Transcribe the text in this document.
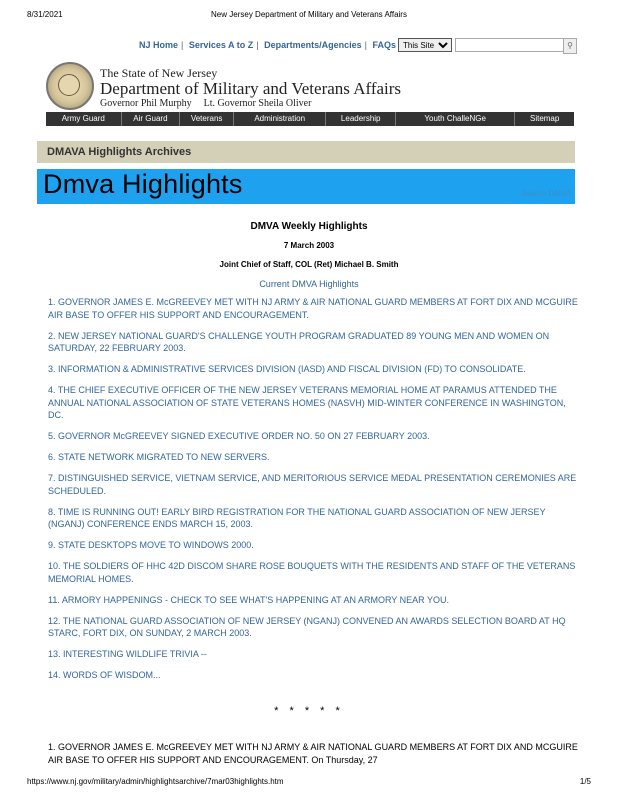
8/31/2021	New Jersey Department of Military and Veterans Affairs
NJ Home | Services A to Z | Departments/Agencies | FAQs
This Site	⚲
The State of New Jersey
Department of Military and Veterans Affairs
Governor Phil Murphy Lt. Governor Sheila Oliver
Army Guard	Air Guard	Veterans	Administration	Leadership	Youth ChalleNGe	Sitemap
DMAVA Highlights Archives
Dmva Highlights	Search DMVA
DMVA Weekly Highlights
7 March 2003
Joint Chief of Staff, COL (Ret) Michael B. Smith
Current DMVA Highlights
1. GOVERNOR JAMES E. McGREEVEY MET WITH NJ ARMY & AIR NATIONAL GUARD MEMBERS AT FORT DIX AND MCGUIRE AIR BASE TO OFFER HIS SUPPORT AND ENCOURAGEMENT.
2. NEW JERSEY NATIONAL GUARD'S CHALLENGE YOUTH PROGRAM GRADUATED 89 YOUNG MEN AND WOMEN ON SATURDAY, 22 FEBRUARY 2003.
3. INFORMATION & ADMINISTRATIVE SERVICES DIVISION (IASD) AND FISCAL DIVISION (FD) TO CONSOLIDATE.
4. THE CHIEF EXECUTIVE OFFICER OF THE NEW JERSEY VETERANS MEMORIAL HOME AT PARAMUS ATTENDED THE ANNUAL NATIONAL ASSOCIATION OF STATE VETERANS HOMES (NASVH) MID-WINTER CONFERENCE IN WASHINGTON, DC.
5. GOVERNOR McGREEVEY SIGNED EXECUTIVE ORDER NO. 50 ON 27 FEBRUARY 2003.
6. STATE NETWORK MIGRATED TO NEW SERVERS.
7. DISTINGUISHED SERVICE, VIETNAM SERVICE, AND MERITORIOUS SERVICE MEDAL PRESENTATION CEREMONIES ARE SCHEDULED.
8. TIME IS RUNNING OUT! EARLY BIRD REGISTRATION FOR THE NATIONAL GUARD ASSOCIATION OF NEW JERSEY (NGANJ) CONFERENCE ENDS MARCH 15, 2003.
9. STATE DESKTOPS MOVE TO WINDOWS 2000.
10. THE SOLDIERS OF HHC 42D DISCOM SHARE ROSE BOUQUETS WITH THE RESIDENTS AND STAFF OF THE VETERANS MEMORIAL HOMES.
11. ARMORY HAPPENINGS - CHECK TO SEE WHAT'S HAPPENING AT AN ARMORY NEAR YOU.
12. THE NATIONAL GUARD ASSOCIATION OF NEW JERSEY (NGANJ) CONVENED AN AWARDS SELECTION BOARD AT HQ STARC, FORT DIX, ON SUNDAY, 2 MARCH 2003.
13. INTERESTING WILDLIFE TRIVIA --
14. WORDS OF WISDOM...
* * * * *
1. GOVERNOR JAMES E. McGREEVEY MET WITH NJ ARMY & AIR NATIONAL GUARD MEMBERS AT FORT DIX AND MCGUIRE AIR BASE TO OFFER HIS SUPPORT AND ENCOURAGEMENT. On Thursday, 27
https://www.nj.gov/military/admin/highlightsarchive/7mar03highlights.htm	1/5
